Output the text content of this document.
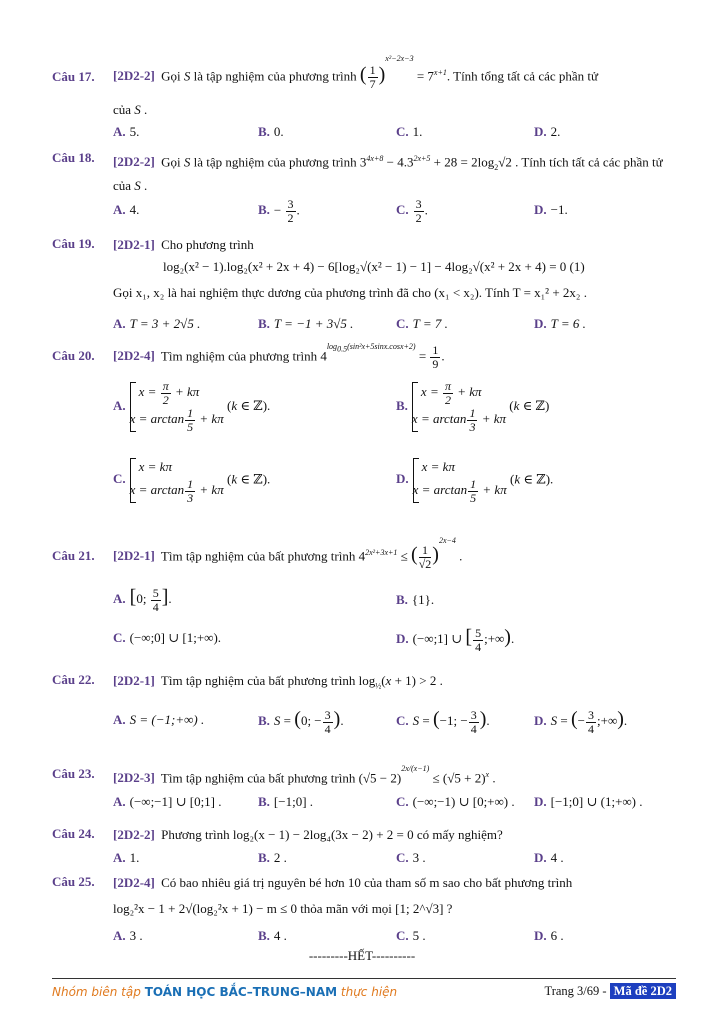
Câu 17. [2D2-2] Gọi S là tập nghiệm của phương trình ( $\frac{1}{7} )^{x^2-2x-3} = 7^{x+1}$. Tính tổng tất cả các phần tử
của S .
A. 5.	B. 0.	C. 1.	D. 2.
Câu 18. [2D2-2] Gọi S là tập nghiệm của phương trình $3^{4x+8} - 4.3^{2x+5} + 28 = 2\log_2√2$ . Tính tích tất cả các phần tử của S .
A. 4.	B. − $\frac{3}{2}$ .	C. $\frac{3}{2}$ .	D. −1.
Câu 19. [2D2-1] Cho phương trình
log₂(x² − 1).log₂(x² + 2x + 4) − 6[log₂√(x² − 1) − 1] − 4log₂√(x² + 2x + 4) = 0 (1)
Gọi x₁, x₂ là hai nghiệm thực dương của phương trình đã cho (x₁ < x₂). Tính T = x₁² + 2x₂ .
A. T = 3 + 2√5 .	B. T = −1 + 3√5 .	C. T = 7 .	D. T = 6 .
Câu 20. [2D2-4] Tìm nghiệm của phương trình $4^{log_{0.5}(sin^2x+5sinx.cosx+2)} = \frac{1}{9}$ .
$A.x = \frac{\pi}{2} + k\pi$
$x = \arctan \frac{1}{5} + k\pi$ (k ∈ ℤ).	$B.x = \frac{\pi}{2} + k\pi$
$x = \arctan \frac{1}{3} + k\pi$ (k ∈ ℤ)
C.x = kπ
$x = \arctan \frac{1}{3} + k\pi$ (k ∈ ℤ).	D.x = kπ
$x = \arctan \frac{1}{5} + k\pi$ (k ∈ ℤ).
Câu 21. [2D2-1] Tìm tập nghiệm của bất phương trình $4^{2x^2+3x+1}$ ≤ ( $\frac{1}{√2} )^{2x-4}$ .
A. [0; $\frac{5}{4}$ ].	B. {1}.
C. (−∞;0] ∪ [1;+∞).	D. (−∞;1] ∪ [ $\frac{5}{4}$ ;+∞).
Câu 22. [2D2-1] Tìm tập nghiệm của bất phương trình $\log_{\frac{1}{2}}(x + 1) > 2$ .
A. S = (−1;+∞) .	B. S = (0; − $\frac{3}{4}$ ).	C. S = (−1; − $\frac{3}{4}$ ).	D. S = (− $\frac{3}{4}$ ;+∞).
Câu 23. [2D2-3] Tìm tập nghiệm của bất phương trình $(√5 - 2)^{2x/(x-1)} \le (√5 + 2)^x$ .
A. (−∞;−1] ∪ [0;1] .	B. [−1;0] .	C. (−∞;−1) ∪ [0;+∞) . D. [−1;0] ∪ (1;+∞) .
Câu 24. [2D2-2] Phương trình log₂(x − 1) − 2log₄(3x − 2) + 2 = 0 có mấy nghiệm?
A. 1.	B. 2 .	C. 3 .	D. 4 .
Câu 25. [2D2-4] Có bao nhiêu giá trị nguyên bé hơn 10 của tham số m sao cho bất phương trình
log₂²x − 1 + 2√(log₂²x + 1) − m ≤ 0 thỏa mãn với mọi [1; 2^√3] ?
A. 3 .	B. 4 .	C. 5 .	D. 6 .
---------HẾT----------
Nhóm biên tập TOÁN HỌC BẮC–TRUNG–NAM thực hiện	Trang 3/69 - Mã đề 2D2
